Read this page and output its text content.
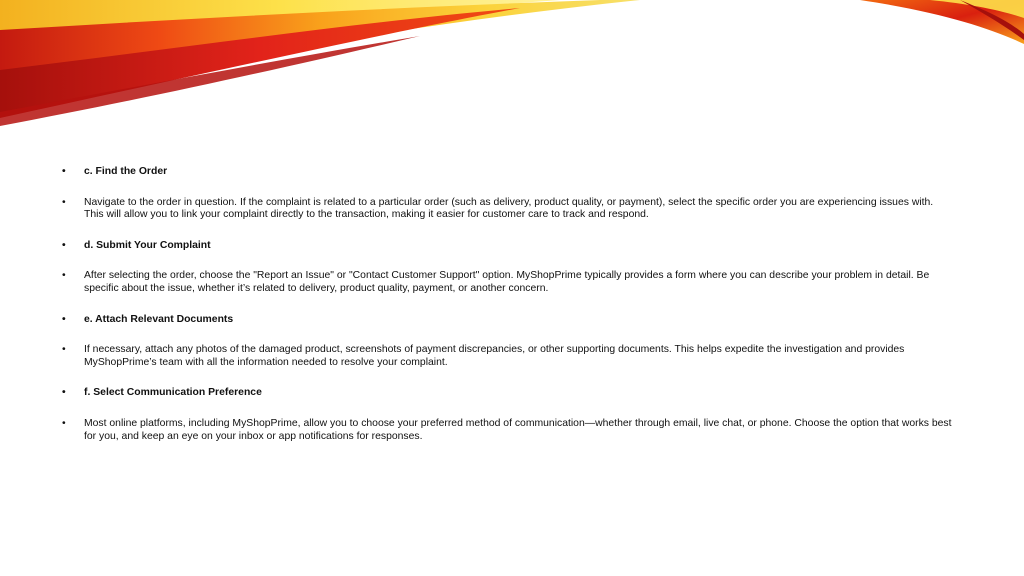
•	c. Find the Order
•	Navigate to the order in question. If the complaint is related to a particular order (such as delivery, product quality, or payment), select the specific order you are experiencing issues with. This will allow you to link your complaint directly to the transaction, making it easier for customer care to track and respond.
•	d. Submit Your Complaint
•	After selecting the order, choose the "Report an Issue" or "Contact Customer Support" option. MyShopPrime typically provides a form where you can describe your problem in detail. Be specific about the issue, whether it’s related to delivery, product quality, payment, or another concern.
•	e. Attach Relevant Documents
•	If necessary, attach any photos of the damaged product, screenshots of payment discrepancies, or other supporting documents. This helps expedite the investigation and provides MyShopPrime’s team with all the information needed to resolve your complaint.
•	f. Select Communication Preference
•	Most online platforms, including MyShopPrime, allow you to choose your preferred method of communication—whether through email, live chat, or phone. Choose the option that works best for you, and keep an eye on your inbox or app notifications for responses.
